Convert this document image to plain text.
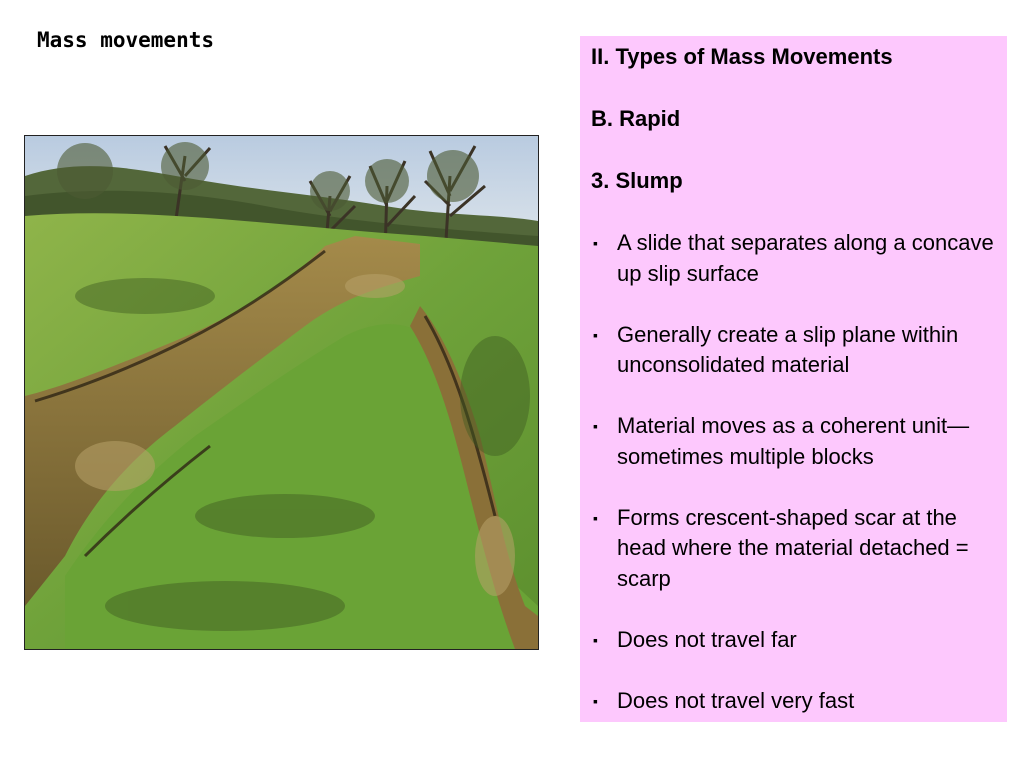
Mass movements

II. Types of Mass Movements

B. Rapid

3. Slump

▪ A slide that separates along a concave up slip surface
▪ Generally create a slip plane within unconsolidated material
▪ Material moves as a coherent unit—sometimes multiple blocks
▪ Forms crescent-shaped scar at the head where the material detached = scarp
▪ Does not travel far
▪ Does not travel very fast
